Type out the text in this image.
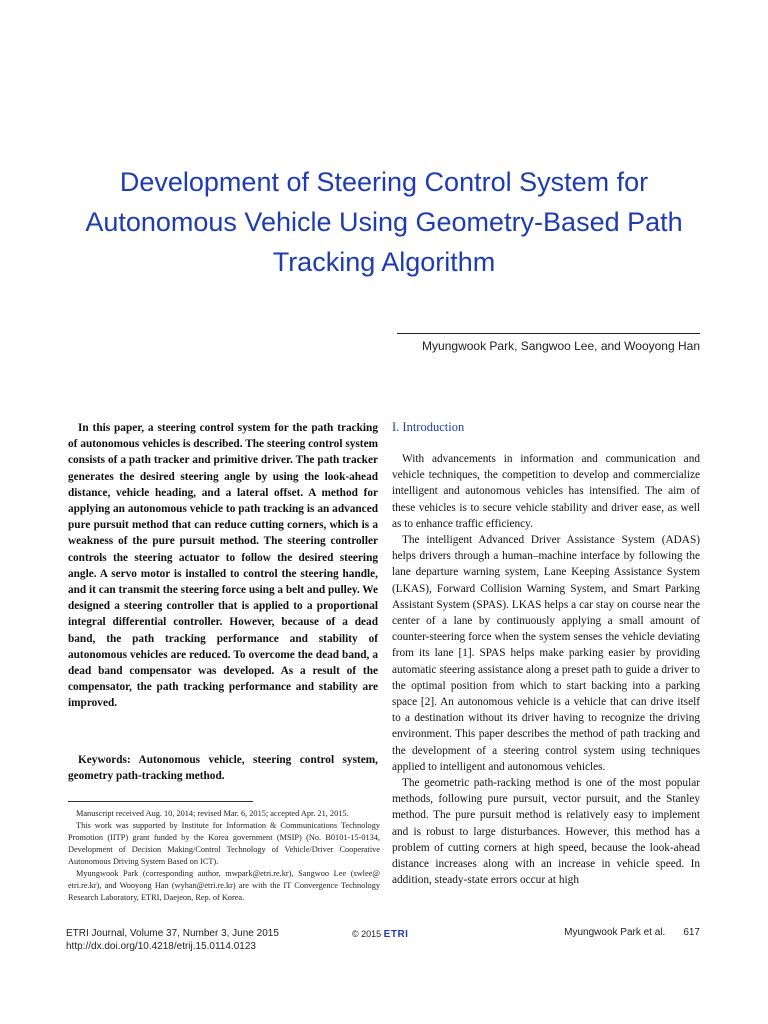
Development of Steering Control System for Autonomous Vehicle Using Geometry-Based Path Tracking Algorithm
Myungwook Park, Sangwoo Lee, and Wooyong Han

In this paper, a steering control system for the path tracking of autonomous vehicles is described. The steering control system consists of a path tracker and primitive driver. The path tracker generates the desired steering angle by using the look-ahead distance, vehicle heading, and a lateral offset. A method for applying an autonomous vehicle to path tracking is an advanced pure pursuit method that can reduce cutting corners, which is a weakness of the pure pursuit method. The steering controller controls the steering actuator to follow the desired steering angle. A servo motor is installed to control the steering handle, and it can transmit the steering force using a belt and pulley. We designed a steering controller that is applied to a proportional integral differential controller. However, because of a dead band, the path tracking performance and stability of autonomous vehicles are reduced. To overcome the dead band, a dead band compensator was developed. As a result of the compensator, the path tracking performance and stability are improved.

Keywords: Autonomous vehicle, steering control system, geometry path-tracking method.

Manuscript received Aug. 10, 2014; revised Mar. 6, 2015; accepted Apr. 21, 2015.

This work was supported by Institute for Information & Communications Technology Promotion (IITP) grant funded by the Korea government (MSIP) (No. B0101-15-0134, Development of Decision Making/Control Technology of Vehicle/Driver Cooperative Autonomous Driving System Based on ICT).

Myungwook Park (corresponding author, mwpark@etri.re.kr), Sangwoo Lee (swlee@ etri.re.kr), and Wooyong Han (wyhan@etri.re.kr) are with the IT Convergence Technology Research Laboratory, ETRI, Daejeon, Rep. of Korea.

I. Introduction

With advancements in information and communication and vehicle techniques, the competition to develop and commercialize intelligent and autonomous vehicles has intensified. The aim of these vehicles is to secure vehicle stability and driver ease, as well as to enhance traffic efficiency.

The intelligent Advanced Driver Assistance System (ADAS) helps drivers through a human–machine interface by following the lane departure warning system, Lane Keeping Assistance System (LKAS), Forward Collision Warning System, and Smart Parking Assistant System (SPAS). LKAS helps a car stay on course near the center of a lane by continuously applying a small amount of counter-steering force when the system senses the vehicle deviating from its lane [1]. SPAS helps make parking easier by providing automatic steering assistance along a preset path to guide a driver to the optimal position from which to start backing into a parking space [2]. An autonomous vehicle is a vehicle that can drive itself to a destination without its driver having to recognize the driving environment. This paper describes the method of path tracking and the development of a steering control system using techniques applied to intelligent and autonomous vehicles.

The geometric path-racking method is one of the most popular methods, following pure pursuit, vector pursuit, and the Stanley method. The pure pursuit method is relatively easy to implement and is robust to large disturbances. However, this method has a problem of cutting corners at high speed, because the look-ahead distance increases along with an increase in vehicle speed. In addition, steady-state errors occur at high

ETRI Journal, Volume 37, Number 3, June 2015
http://dx.doi.org/10.4218/etrij.15.0114.0123
© 2015 ETRI	Myungwook Park et al. 617
